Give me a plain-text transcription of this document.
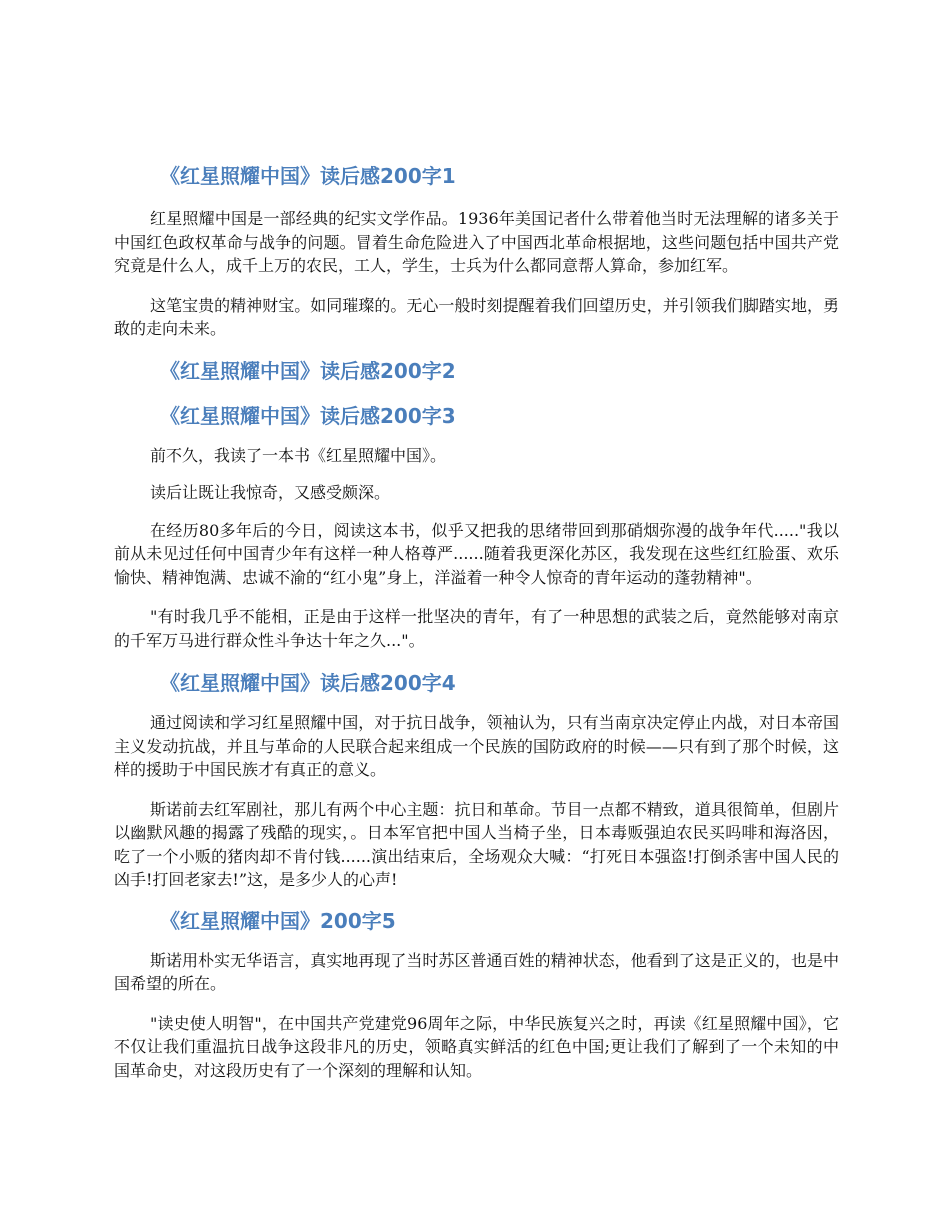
《红星照耀中国》读后感200字1

红星照耀中国是一部经典的纪实文学作品。1936年美国记者什么带着他当时无法理解的诸多关于中国红色政权革命与战争的问题。冒着生命危险进入了中国西北革命根据地，这些问题包括中国共产党究竟是什么人，成千上万的农民，工人，学生，士兵为什么都同意帮人算命，参加红军。

这笔宝贵的精神财宝。如同璀璨的。无心一般时刻提醒着我们回望历史，并引领我们脚踏实地，勇敢的走向未来。

《红星照耀中国》读后感200字2
《红星照耀中国》读后感200字3

前不久，我读了一本书《红星照耀中国》。

读后让既让我惊奇，又感受颇深。

在经历80多年后的今日，阅读这本书，似乎又把我的思绪带回到那硝烟弥漫的战争年代....."我以前从未见过任何中国青少年有这样一种人格尊严......随着我更深化苏区，我发现在这些红红脸蛋、欢乐愉快、精神饱满、忠诚不渝的“红小鬼”身上，洋溢着一种令人惊奇的青年运动的蓬勃精神"。

"有时我几乎不能相，正是由于这样一批坚决的青年，有了一种思想的武装之后，竟然能够对南京的千军万马进行群众性斗争达十年之久..."。

《红星照耀中国》读后感200字4

通过阅读和学习红星照耀中国，对于抗日战争，领袖认为，只有当南京决定停止内战，对日本帝国主义发动抗战，并且与革命的人民联合起来组成一个民族的国防政府的时候——只有到了那个时候，这样的援助于中国民族才有真正的意义。

斯诺前去红军剧社，那儿有两个中心主题：抗日和革命。节目一点都不精致，道具很简单，但剧片以幽默风趣的揭露了残酷的现实，。日本军官把中国人当椅子坐，日本毒贩强迫农民买吗啡和海洛因，吃了一个小贩的猪肉却不肯付钱......演出结束后，全场观众大喊：“打死日本强盗!打倒杀害中国人民的凶手!打回老家去!”这，是多少人的心声!

《红星照耀中国》200字5

斯诺用朴实无华语言，真实地再现了当时苏区普通百姓的精神状态，他看到了这是正义的，也是中国希望的所在。

"读史使人明智"，在中国共产党建党96周年之际，中华民族复兴之时，再读《红星照耀中国》，它不仅让我们重温抗日战争这段非凡的历史，领略真实鲜活的红色中国;更让我们了解到了一个未知的中国革命史，对这段历史有了一个深刻的理解和认知。
